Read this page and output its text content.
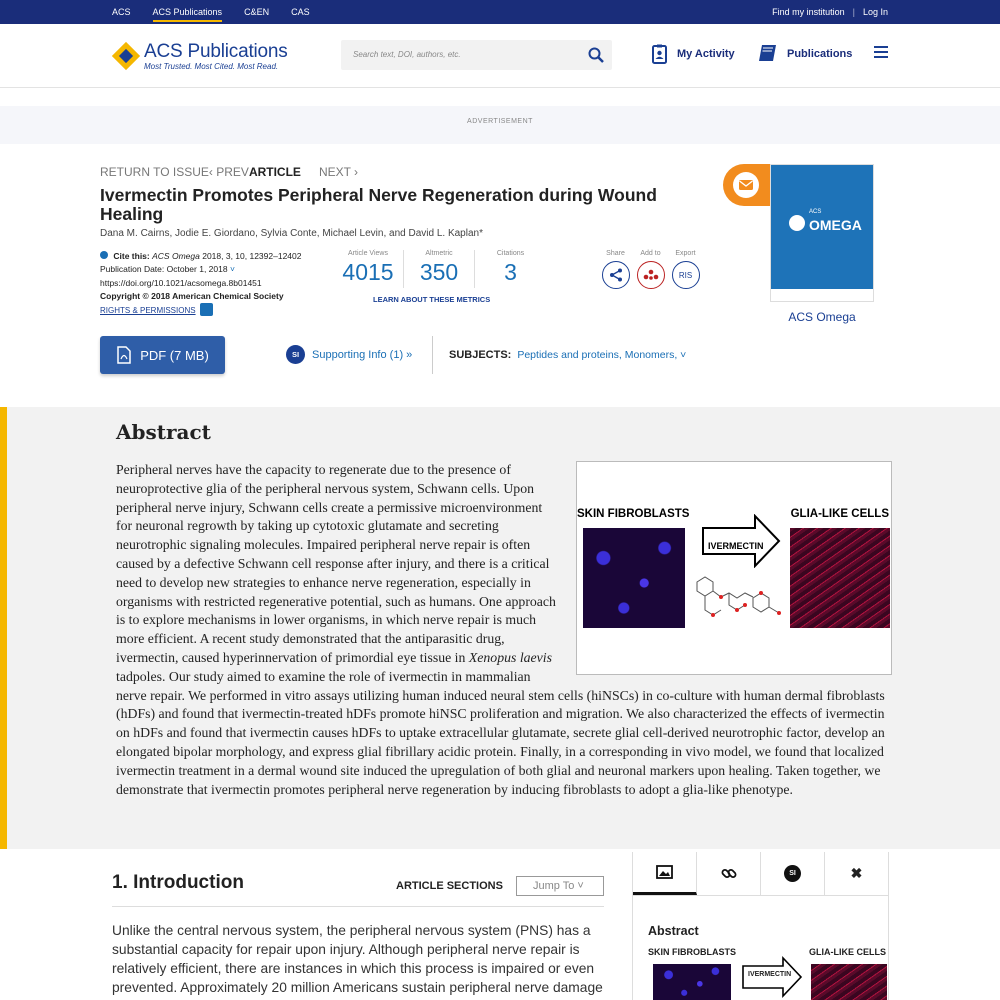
ACS ACS Publications C&EN CAS	Find my institution | Log In
ACS Publications
Most Trusted. Most Cited. Most Read.
Search text, DOI, authors, etc.	My Activity	Publications
ADVERTISEMENT
RETURN TO ISSUE ‹ PREV ARTICLE NEXT ›
Ivermectin Promotes Peripheral Nerve Regeneration during Wound Healing
Dana M. Cairns, Jodie E. Giordano, Sylvia Conte, Michael Levin, and David L. Kaplan*
Cite this: ACS Omega 2018, 3, 10, 12392–12402
Publication Date: October 1, 2018 ˅
https://doi.org/10.1021/acsomega.8b01451
Copyright © 2018 American Chemical Society
RIGHTS & PERMISSIONS
Article Views
4015
Altmetric
350
Citations
3
LEARN ABOUT THESE METRICS
Share	Add to	Export
RIS
ACS
OMEGA
ACS Omega
PDF (7 MB)	SI	Supporting Info (1) »	SUBJECTS: Peptides and proteins, Monomers, ˅
Abstract
SKIN FIBROBLASTS	GLIA-LIKE CELLS
IVERMECTIN
Peripheral nerves have the capacity to regenerate due to the presence of neuroprotective glia of the peripheral nervous system, Schwann cells. Upon peripheral nerve injury, Schwann cells create a permissive microenvironment for neuronal regrowth by taking up cytotoxic glutamate and secreting neurotrophic signaling molecules. Impaired peripheral nerve repair is often caused by a defective Schwann cell response after injury, and there is a critical need to develop new strategies to enhance nerve regeneration, especially in organisms with restricted regenerative potential, such as humans. One approach is to explore mechanisms in lower organisms, in which nerve repair is much more efficient. A recent study demonstrated that the antiparasitic drug, ivermectin, caused hyperinnervation of primordial eye tissue in Xenopus laevis tadpoles. Our study aimed to examine the role of ivermectin in mammalian nerve repair. We performed in vitro assays utilizing human induced neural stem cells (hiNSCs) in co-culture with human dermal fibroblasts (hDFs) and found that ivermectin-treated hDFs promote hiNSC proliferation and migration. We also characterized the effects of ivermectin on hDFs and found that ivermectin causes hDFs to uptake extracellular glutamate, secrete glial cell-derived neurotrophic factor, develop an elongated bipolar morphology, and express glial fibrillary acidic protein. Finally, in a corresponding in vivo model, we found that localized ivermectin treatment in a dermal wound site induced the upregulation of both glial and neuronal markers upon healing. Taken together, we demonstrate that ivermectin promotes peripheral nerve regeneration by inducing fibroblasts to adopt a glia-like phenotype.
1. Introduction	ARTICLE SECTIONS	Jump To ˅
Unlike the central nervous system, the peripheral nervous system (PNS) has a substantial capacity for repair upon injury. Although peripheral nerve repair is relatively efficient, there are instances in which this process is impaired or even prevented. Approximately 20 million Americans sustain peripheral nerve damage
SI	✖
Abstract
SKIN FIBROBLASTS	GLIA-LIKE CELLS
IVERMECTIN
